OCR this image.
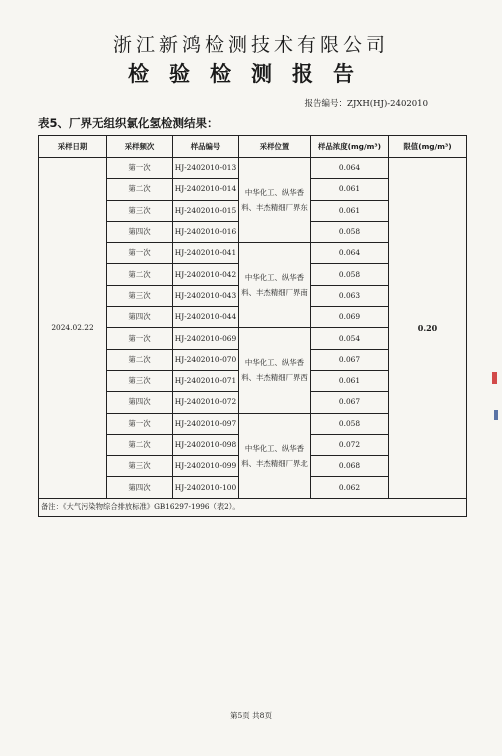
浙江新鸿检测技术有限公司
检验检测报告
报告编号：ZJXH(HJ)-2402010
表5、厂界无组织氯化氢检测结果：
采样日期	采样频次	样品编号	采样位置	样品浓度(mg/m³)	限值(mg/m³)
2024.02.22	第一次	HJ-2402010-013	中华化工、纵华香料、丰杰精细厂界东	0.064	0.20
	第二次	HJ-2402010-014		0.061	
	第三次	HJ-2402010-015		0.061	
	第四次	HJ-2402010-016		0.058	
	第一次	HJ-2402010-041	中华化工、纵华香料、丰杰精细厂界南	0.064	
	第二次	HJ-2402010-042		0.058	
	第三次	HJ-2402010-043		0.063	
	第四次	HJ-2402010-044		0.069	
	第一次	HJ-2402010-069	中华化工、纵华香料、丰杰精细厂界西	0.054	
	第二次	HJ-2402010-070		0.067	
	第三次	HJ-2402010-071		0.061	
	第四次	HJ-2402010-072		0.067	
	第一次	HJ-2402010-097	中华化工、纵华香料、丰杰精细厂界北	0.058	
	第二次	HJ-2402010-098		0.072	
	第三次	HJ-2402010-099		0.068	
	第四次	HJ-2402010-100		0.062	
备注：《大气污染物综合排放标准》GB16297-1996（表2）。					
第5页 共8页
